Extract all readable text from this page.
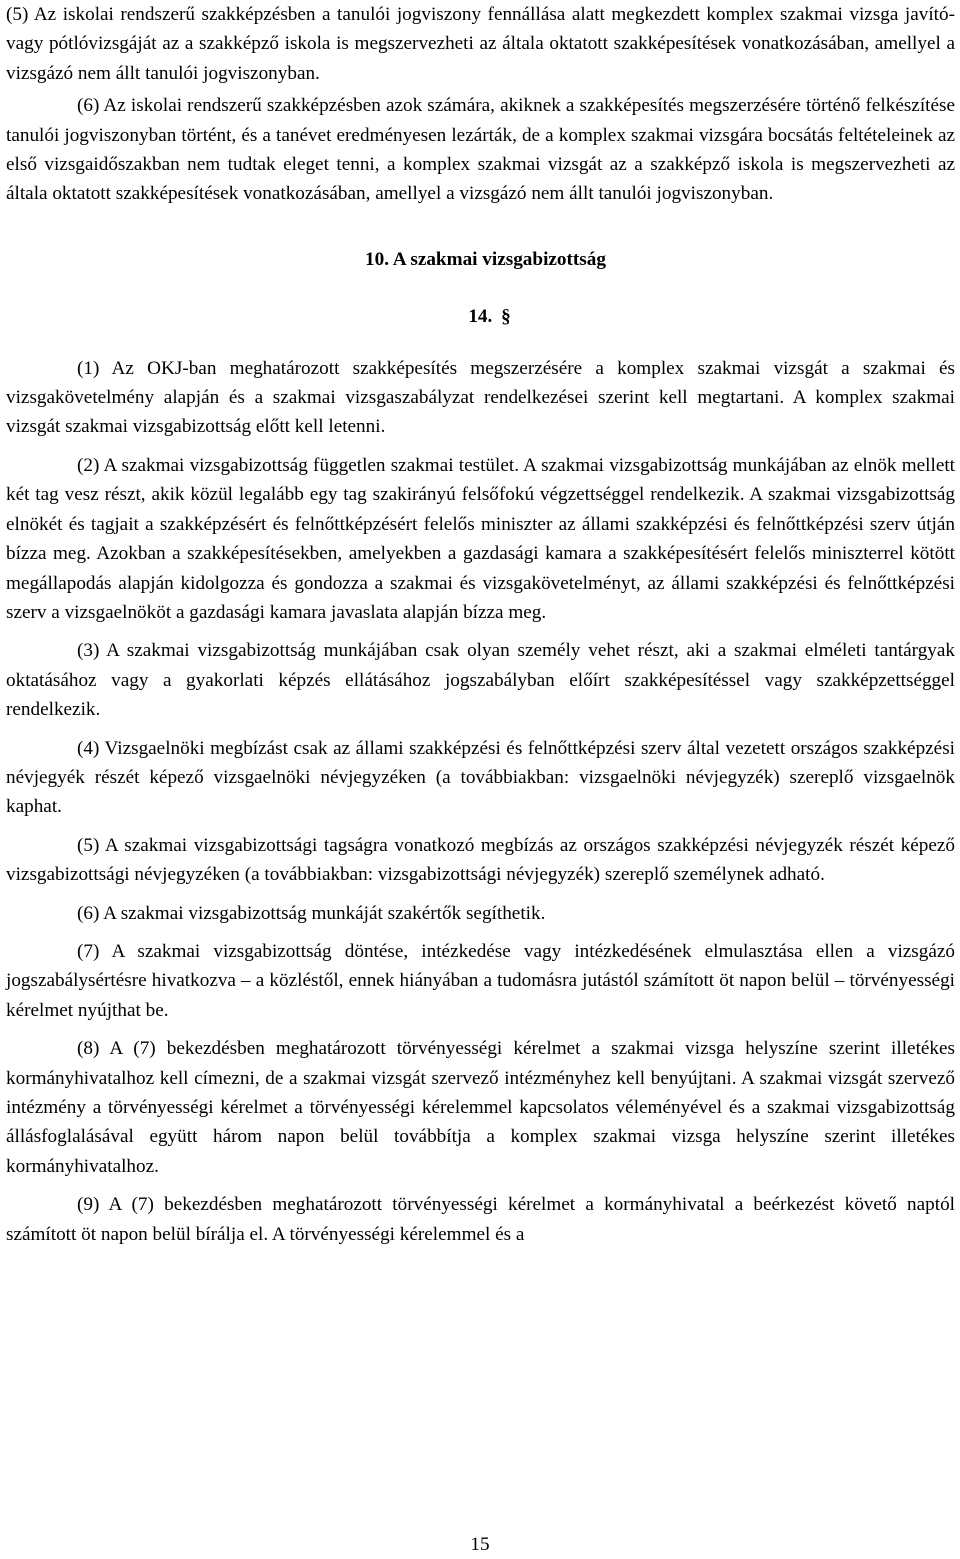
(5) Az iskolai rendszerű szakképzésben a tanulói jogviszony fennállása alatt megkezdett komplex szakmai vizsga javító- vagy pótlóvizsgáját az a szakképző iskola is megszervezheti az általa oktatott szakképesítések vonatkozásában, amellyel a vizsgázó nem állt tanulói jogviszonyban.

(6) Az iskolai rendszerű szakképzésben azok számára, akiknek a szakképesítés megszerzésére történő felkészítése tanulói jogviszonyban történt, és a tanévet eredményesen lezárták, de a komplex szakmai vizsgára bocsátás feltételeinek az első vizsgaidőszakban nem tudtak eleget tenni, a komplex szakmai vizsgát az a szakképző iskola is megszervezheti az általa oktatott szakképesítések vonatkozásában, amellyel a vizsgázó nem állt tanulói jogviszonyban.

10. A szakmai vizsgabizottság
14. §

(1) Az OKJ-ban meghatározott szakképesítés megszerzésére a komplex szakmai vizsgát a szakmai és vizsgakövetelmény alapján és a szakmai vizsgaszabályzat rendelkezései szerint kell megtartani. A komplex szakmai vizsgát szakmai vizsgabizottság előtt kell letenni.

(2) A szakmai vizsgabizottság független szakmai testület. A szakmai vizsgabizottság munkájában az elnök mellett két tag vesz részt, akik közül legalább egy tag szakirányú felsőfokú végzettséggel rendelkezik. A szakmai vizsgabizottság elnökét és tagjait a szakképzésért és felnőttképzésért felelős miniszter az állami szakképzési és felnőttképzési szerv útján bízza meg. Azokban a szakképesítésekben, amelyekben a gazdasági kamara a szakképesítésért felelős miniszterrel kötött megállapodás alapján kidolgozza és gondozza a szakmai és vizsgakövetelményt, az állami szakképzési és felnőttképzési szerv a vizsgaelnököt a gazdasági kamara javaslata alapján bízza meg.

(3) A szakmai vizsgabizottság munkájában csak olyan személy vehet részt, aki a szakmai elméleti tantárgyak oktatásához vagy a gyakorlati képzés ellátásához jogszabályban előírt szakképesítéssel vagy szakképzettséggel rendelkezik.

(4) Vizsgaelnöki megbízást csak az állami szakképzési és felnőttképzési szerv által vezetett országos szakképzési névjegyék részét képező vizsgaelnöki névjegyzéken (a továbbiakban: vizsgaelnöki névjegyzék) szereplő vizsgaelnök kaphat.

(5) A szakmai vizsgabizottsági tagságra vonatkozó megbízás az országos szakképzési névjegyzék részét képező vizsgabizottsági névjegyzéken (a továbbiakban: vizsgabizottsági névjegyzék) szereplő személynek adható.

(6) A szakmai vizsgabizottság munkáját szakértők segíthetik.

(7) A szakmai vizsgabizottság döntése, intézkedése vagy intézkedésének elmulasztása ellen a vizsgázó jogszabálysértésre hivatkozva – a közléstől, ennek hiányában a tudomásra jutástól számított öt napon belül – törvényességi kérelmet nyújthat be.

(8) A (7) bekezdésben meghatározott törvényességi kérelmet a szakmai vizsga helyszíne szerint illetékes kormányhivatalhoz kell címezni, de a szakmai vizsgát szervező intézményhez kell benyújtani. A szakmai vizsgát szervező intézmény a törvényességi kérelmet a törvényességi kérelemmel kapcsolatos véleményével és a szakmai vizsgabizottság állásfoglalásával együtt három napon belül továbbítja a komplex szakmai vizsga helyszíne szerint illetékes kormányhivatalhoz.

(9) A (7) bekezdésben meghatározott törvényességi kérelmet a kormányhivatal a beérkezést követő naptól számított öt napon belül bírálja el. A törvényességi kérelemmel és a

15
